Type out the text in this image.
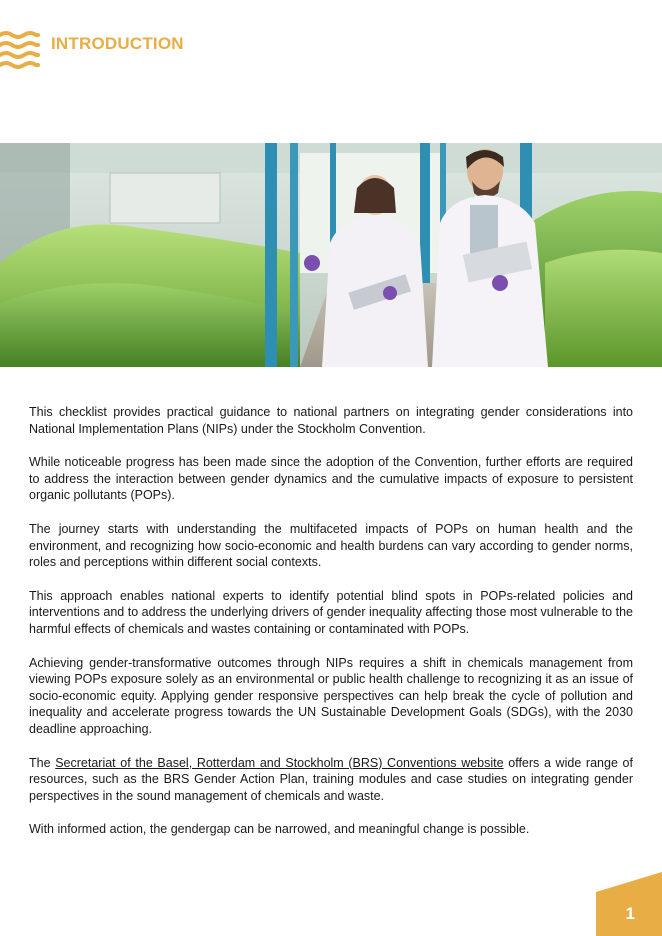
INTRODUCTION

This checklist provides practical guidance to national partners on integrating gender considerations into National Implementation Plans (NIPs) under the Stockholm Convention.

While noticeable progress has been made since the adoption of the Convention, further efforts are required to address the interaction between gender dynamics and the cumulative impacts of exposure to persistent organic pollutants (POPs).

The journey starts with understanding the multifaceted impacts of POPs on human health and the environment, and recognizing how socio-economic and health burdens can vary according to gender norms, roles and perceptions within different social contexts.

This approach enables national experts to identify potential blind spots in POPs-related policies and interventions and to address the underlying drivers of gender inequality affecting those most vulnerable to the harmful effects of chemicals and wastes containing or contaminated with POPs.

Achieving gender-transformative outcomes through NIPs requires a shift in chemicals management from viewing POPs exposure solely as an environmental or public health challenge to recognizing it as an issue of socio-economic equity. Applying gender responsive perspectives can help break the cycle of pollution and inequality and accelerate progress towards the UN Sustainable Development Goals (SDGs), with the 2030 deadline approaching.

The Secretariat of the Basel, Rotterdam and Stockholm (BRS) Conventions website offers a wide range of resources, such as the BRS Gender Action Plan, training modules and case studies on integrating gender perspectives in the sound management of chemicals and waste.

With informed action, the gendergap can be narrowed, and meaningful change is possible.

1
